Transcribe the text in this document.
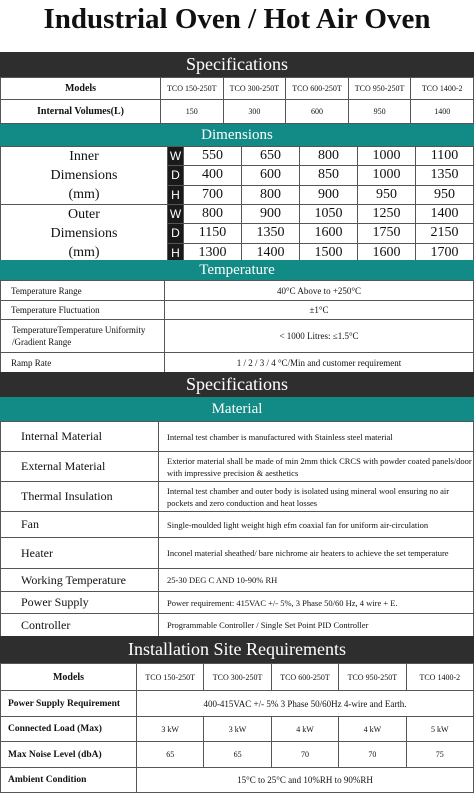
Industrial Oven / Hot Air Oven
Specifications
Models	TCO 150-250T	TCO 300-250T	TCO 600-250T	TCO 950-250T	TCO 1400-2
Internal Volumes(L)	150	300	600	950	1400
Dimensions
Inner
Dimensions
(mm)	W	550	650	800	1000	1100
	D	400	600	850	1000	1350
	H	700	800	900	950	950

Outer
Dimensions
(mm)	W	800	900	1050	1250	1400
	D	1150	1350	1600	1750	2150
	H	1300	1400	1500	1600	1700
Temperature
Temperature Range	40°C Above to +250°C
Temperature Fluctuation	±1°C
TemperatureTemperature Uniformity /Gradient Range	< 1000 Litres: ≤1.5°C
Ramp Rate	1 / 2 / 3 / 4 °C/Min and customer requirement
Specifications
Material
Internal Material	Internal test chamber is manufactured with Stainless steel material
External Material	Exterior material shall be made of min 2mm thick CRCS with powder coated panels/door with impressive precision & aesthetics
Thermal Insulation	Internal test chamber and outer body is isolated using mineral wool ensuring no air pockets and zero conduction and heat losses
Fan	Single-moulded light weight high efm coaxial fan for uniform air-circulation
Heater	Inconel material sheathed/ bare nichrome air heaters to achieve the set temperature
Working Temperature	25-30 DEG C AND 10-90% RH
Power Supply	Power requirement: 415VAC +/- 5%, 3 Phase 50/60 Hz, 4 wire + E.
Controller	Programmable Controller / Single Set Point PID Controller
Installation Site Requirements
Models	TCO 150-250T	TCO 300-250T	TCO 600-250T	TCO 950-250T	TCO 1400-2
Power Supply Requirement	400-415VAC +/- 5% 3 Phase 50/60Hz 4-wire and Earth.				
Connected Load (Max)	3 kW	3 kW	4 kW	4 kW	5 kW
Max Noise Level (dbA)	65	65	70	70	75
Ambient Condition	15°C to 25°C and 10%RH to 90%RH				
